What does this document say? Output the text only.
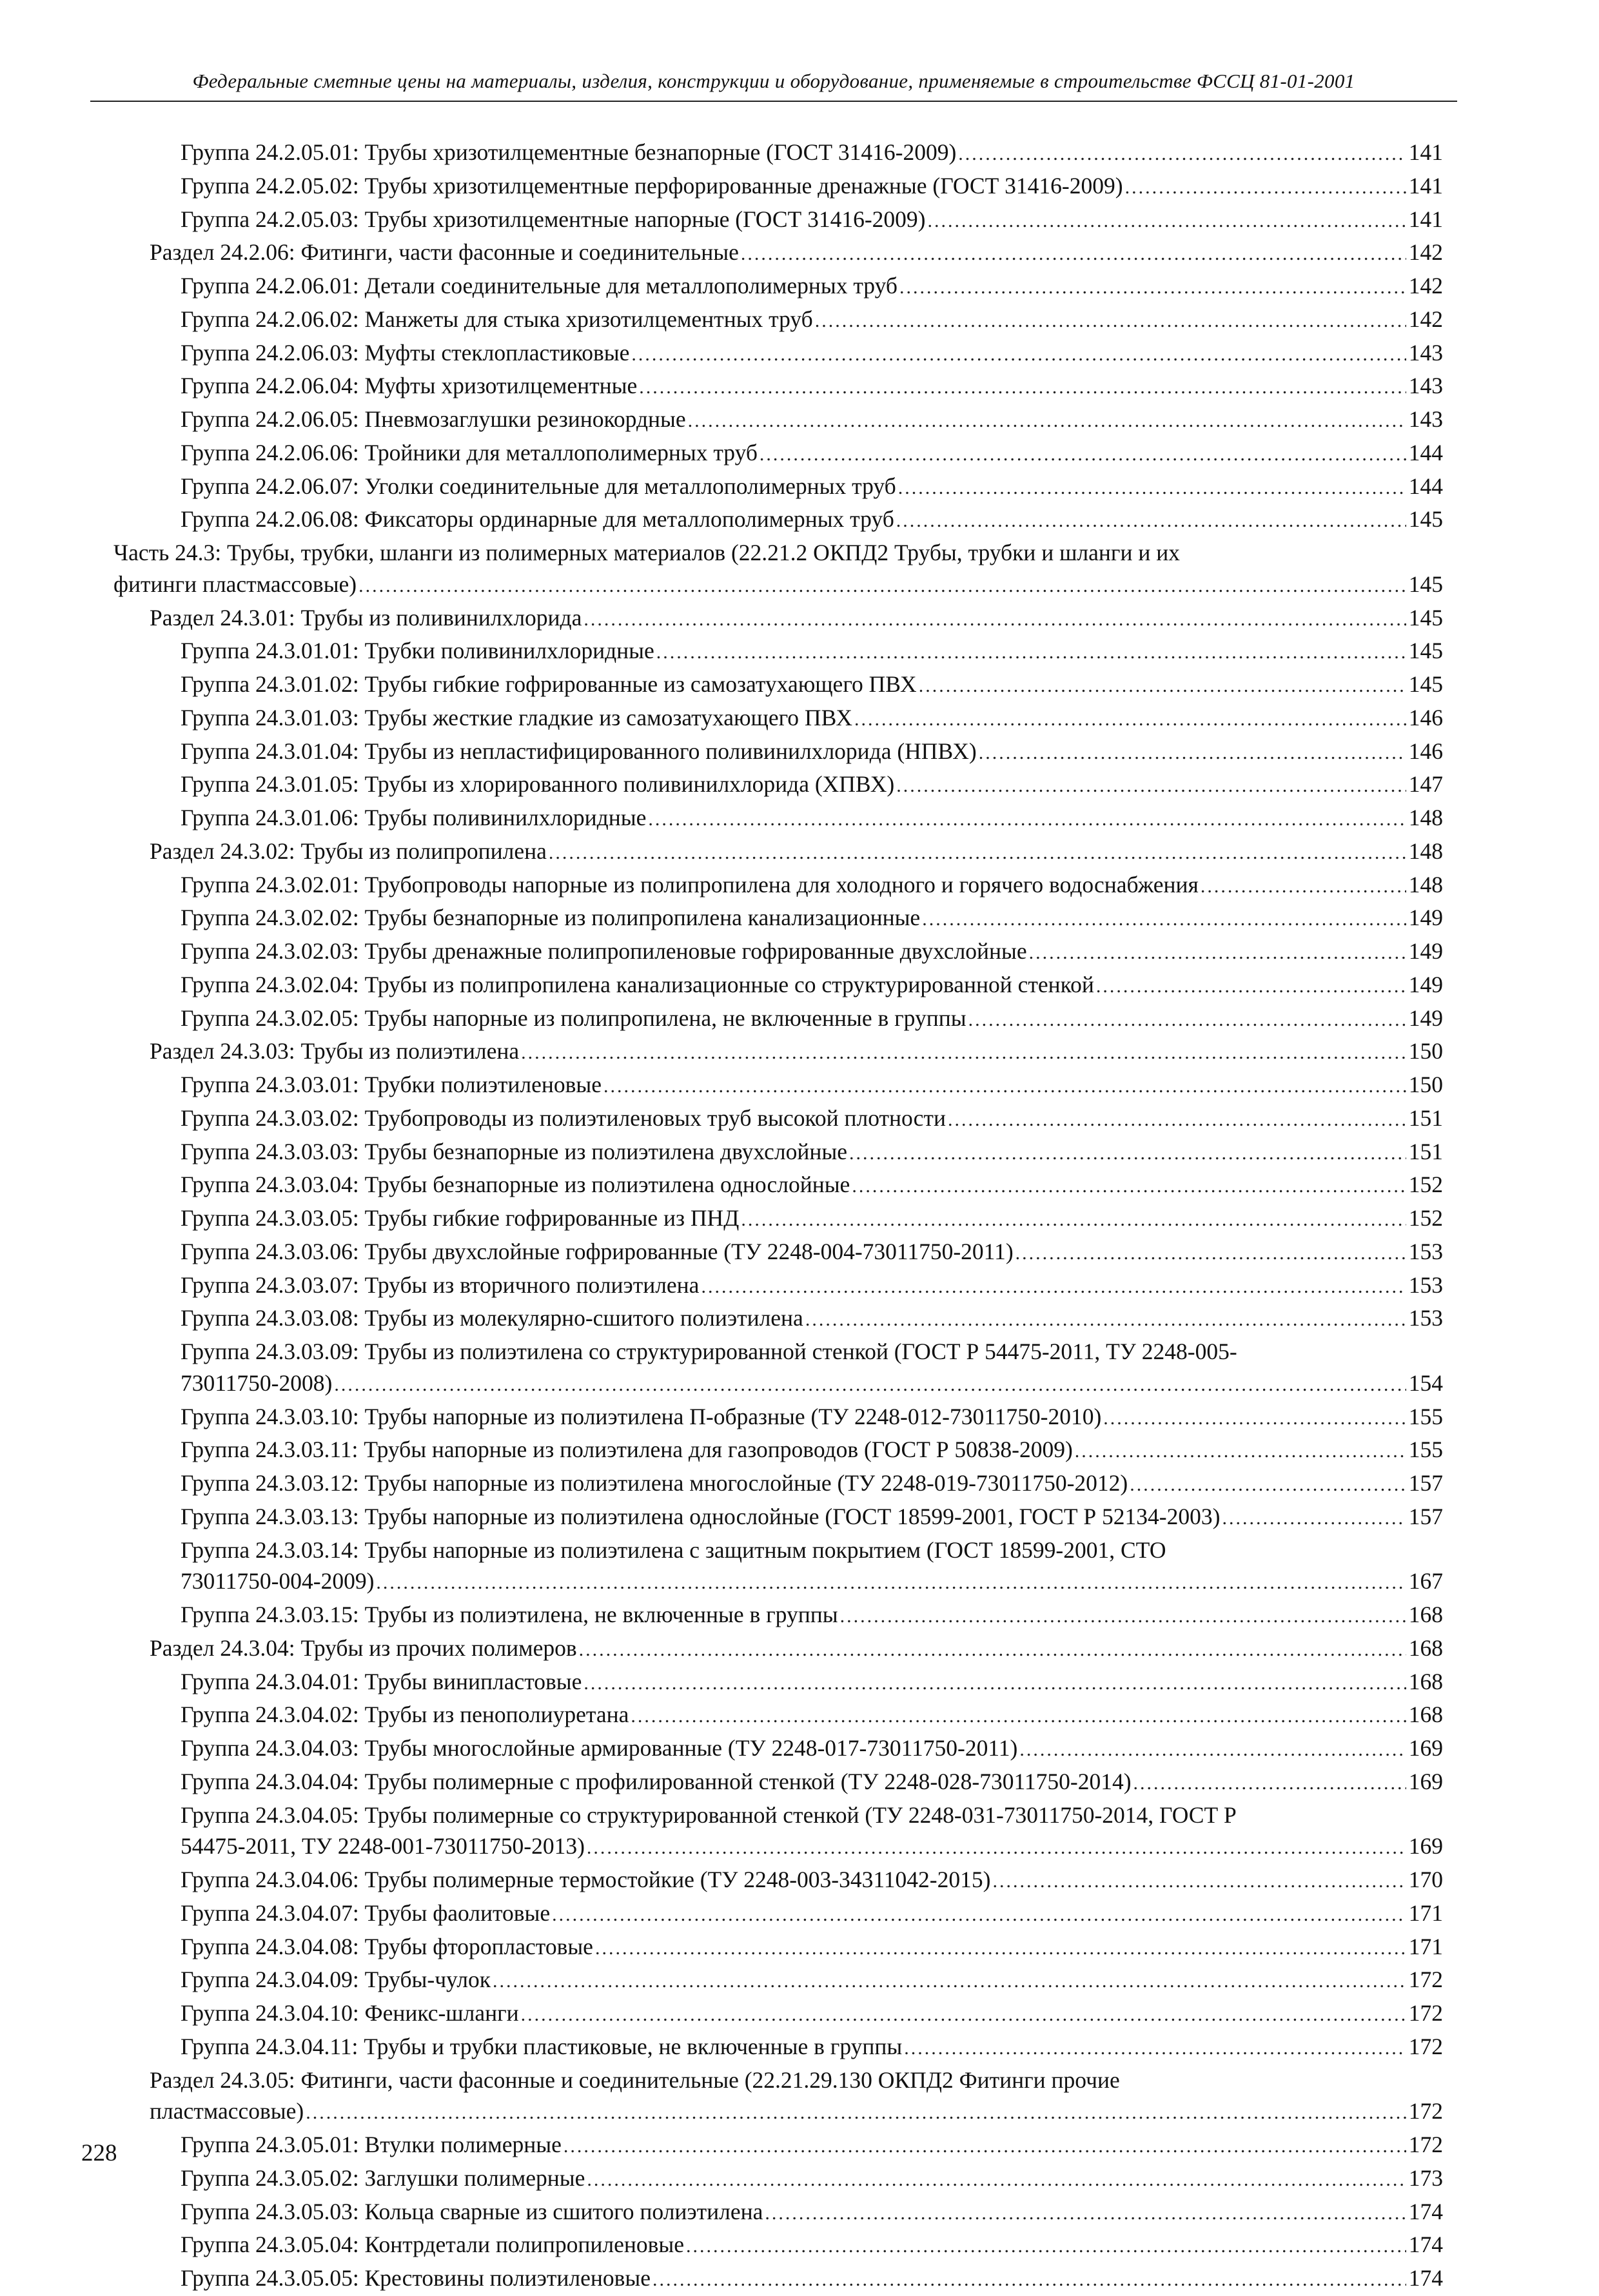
Федеральные сметные цены на материалы, изделия, конструкции и оборудование, применяемые в строительстве ФССЦ 81-01-2001
Группа 24.2.05.01: Трубы хризотилцементные безнапорные (ГОСТ 31416-2009) .....	141
Группа 24.2.05.02: Трубы хризотилцементные перфорированные дренажные (ГОСТ 31416-2009) .....	141
Группа 24.2.05.03: Трубы хризотилцементные напорные (ГОСТ 31416-2009) .....	141
Раздел 24.2.06: Фитинги, части фасонные и соединительные .....	142
Группа 24.2.06.01: Детали соединительные для металлополимерных труб .....	142
Группа 24.2.06.02: Манжеты для стыка хризотилцементных труб .....	142
Группа 24.2.06.03: Муфты стеклопластиковые .....	143
Группа 24.2.06.04: Муфты хризотилцементные .....	143
Группа 24.2.06.05: Пневмозаглушки резинокордные .....	143
Группа 24.2.06.06: Тройники для металлополимерных труб .....	144
Группа 24.2.06.07: Уголки соединительные для металлополимерных труб .....	144
Группа 24.2.06.08: Фиксаторы ординарные для металлополимерных труб .....	145
Часть 24.3: Трубы, трубки, шланги из полимерных материалов (22.21.2 ОКПД2 Трубы, трубки и шланги и их
фитинги пластмассовые) .....	145
Раздел 24.3.01: Трубы из поливинилхлорида .....	145
Группа 24.3.01.01: Трубки поливинилхлоридные .....	145
Группа 24.3.01.02: Трубы гибкие гофрированные из самозатухающего ПВХ .....	145
Группа 24.3.01.03: Трубы жесткие гладкие из самозатухающего ПВХ .....	146
Группа 24.3.01.04: Трубы из непластифицированного поливинилхлорида (НПВХ) .....	146
Группа 24.3.01.05: Трубы из хлорированного поливинилхлорида (ХПВХ) .....	147
Группа 24.3.01.06: Трубы поливинилхлоридные .....	148
Раздел 24.3.02: Трубы из полипропилена .....	148
Группа 24.3.02.01: Трубопроводы напорные из полипропилена для холодного и горячего водоснабжения .....	148
Группа 24.3.02.02: Трубы безнапорные из полипропилена канализационные .....	149
Группа 24.3.02.03: Трубы дренажные полипропиленовые гофрированные двухслойные .....	149
Группа 24.3.02.04: Трубы из полипропилена канализационные со структурированной стенкой .....	149
Группа 24.3.02.05: Трубы напорные из полипропилена, не включенные в группы .....	149
Раздел 24.3.03: Трубы из полиэтилена .....	150
Группа 24.3.03.01: Трубки полиэтиленовые .....	150
Группа 24.3.03.02: Трубопроводы из полиэтиленовых труб высокой плотности .....	151
Группа 24.3.03.03: Трубы безнапорные из полиэтилена двухслойные .....	151
Группа 24.3.03.04: Трубы безнапорные из полиэтилена однослойные .....	152
Группа 24.3.03.05: Трубы гибкие гофрированные из ПНД .....	152
Группа 24.3.03.06: Трубы двухслойные гофрированные (ТУ 2248-004-73011750-2011) .....	153
Группа 24.3.03.07: Трубы из вторичного полиэтилена .....	153
Группа 24.3.03.08: Трубы из молекулярно-сшитого полиэтилена .....	153
Группа 24.3.03.09: Трубы из полиэтилена со структурированной стенкой (ГОСТ Р 54475-2011, ТУ 2248-005-
73011750-2008) .....	154
Группа 24.3.03.10: Трубы напорные из полиэтилена П-образные (ТУ 2248-012-73011750-2010) .....	155
Группа 24.3.03.11: Трубы напорные из полиэтилена для газопроводов (ГОСТ Р 50838-2009) .....	155
Группа 24.3.03.12: Трубы напорные из полиэтилена многослойные (ТУ 2248-019-73011750-2012) .....	157
Группа 24.3.03.13: Трубы напорные из полиэтилена однослойные (ГОСТ 18599-2001, ГОСТ Р 52134-2003) .....	157
Группа 24.3.03.14: Трубы напорные из полиэтилена с защитным покрытием (ГОСТ 18599-2001, СТО
73011750-004-2009) .....	167
Группа 24.3.03.15: Трубы из полиэтилена, не включенные в группы .....	168
Раздел 24.3.04: Трубы из прочих полимеров .....	168
Группа 24.3.04.01: Трубы винипластовые .....	168
Группа 24.3.04.02: Трубы из пенополиуретана .....	168
Группа 24.3.04.03: Трубы многослойные армированные (ТУ 2248-017-73011750-2011) .....	169
Группа 24.3.04.04: Трубы полимерные с профилированной стенкой (ТУ 2248-028-73011750-2014) .....	169
Группа 24.3.04.05: Трубы полимерные со структурированной стенкой (ТУ 2248-031-73011750-2014, ГОСТ Р
54475-2011, ТУ 2248-001-73011750-2013) .....	169
Группа 24.3.04.06: Трубы полимерные термостойкие (ТУ 2248-003-34311042-2015) .....	170
Группа 24.3.04.07: Трубы фаолитовые .....	171
Группа 24.3.04.08: Трубы фторопластовые .....	171
Группа 24.3.04.09: Трубы-чулок .....	172
Группа 24.3.04.10: Феникс-шланги .....	172
Группа 24.3.04.11: Трубы и трубки пластиковые, не включенные в группы .....	172
Раздел 24.3.05: Фитинги, части фасонные и соединительные (22.21.29.130 ОКПД2 Фитинги прочие
пластмассовые) .....	172
Группа 24.3.05.01: Втулки полимерные .....	172
Группа 24.3.05.02: Заглушки полимерные .....	173
Группа 24.3.05.03: Кольца сварные из сшитого полиэтилена .....	174
Группа 24.3.05.04: Контрдетали полипропиленовые .....	174
Группа 24.3.05.05: Крестовины полиэтиленовые .....	174
228
